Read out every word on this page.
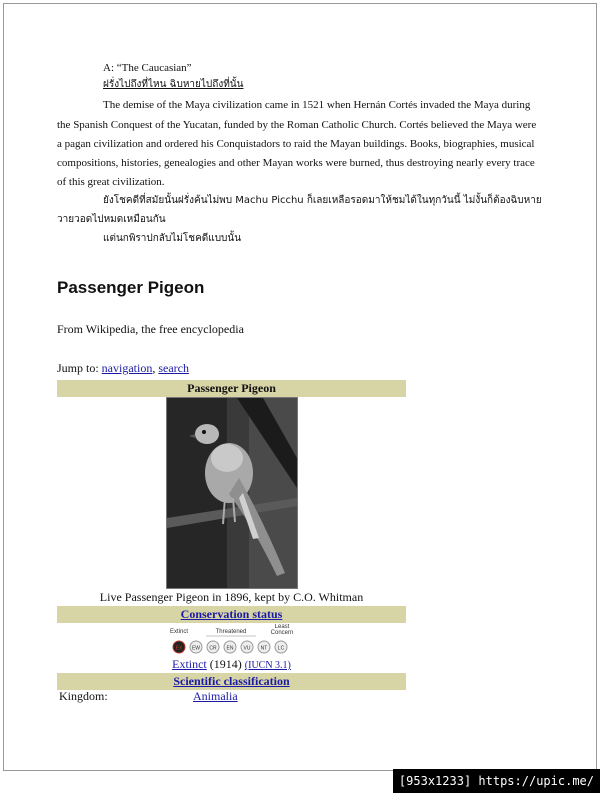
A: “The Caucasian”
ฝรั่งไปถึงที่ไหน ฉิบหายไปถึงที่นั้น
The demise of the Maya civilization came in 1521 when Hernán Cortés invaded the Maya during
the Spanish Conquest of the Yucatan, funded by the Roman Catholic Church. Cortés believed the Maya were
a pagan civilization and ordered his Conquistadors to raid the Mayan buildings. Books, biographies, musical
compositions, histories, genealogies and other Mayan works were burned, thus destroying nearly every trace
of this great civilization.
ยังโชคดีที่สมัยนั้นฝรั่งค้นไม่พบ Machu Picchu ก็เลยเหลือรอดมาให้ชมได้ในทุกวันนี้ ไม่งั้นก็ต้องฉิบหาย
วายวอดไปหมดเหมือนกัน
แต่นกพิราปกลับไม่โชคดีแบบนั้น
Passenger Pigeon
From Wikipedia, the free encyclopedia
Jump to: navigation, search
Passenger Pigeon
Live Passenger Pigeon in 1896, kept by C.O. Whitman
Conservation status
Extinct	Threatened
Least
Concern
EX EW CR EN VU NT LC
Extinct (1914) (IUCN 3.1)
Scientific classification
Kingdom:	Animalia
[953x1233] https://upic.me/
